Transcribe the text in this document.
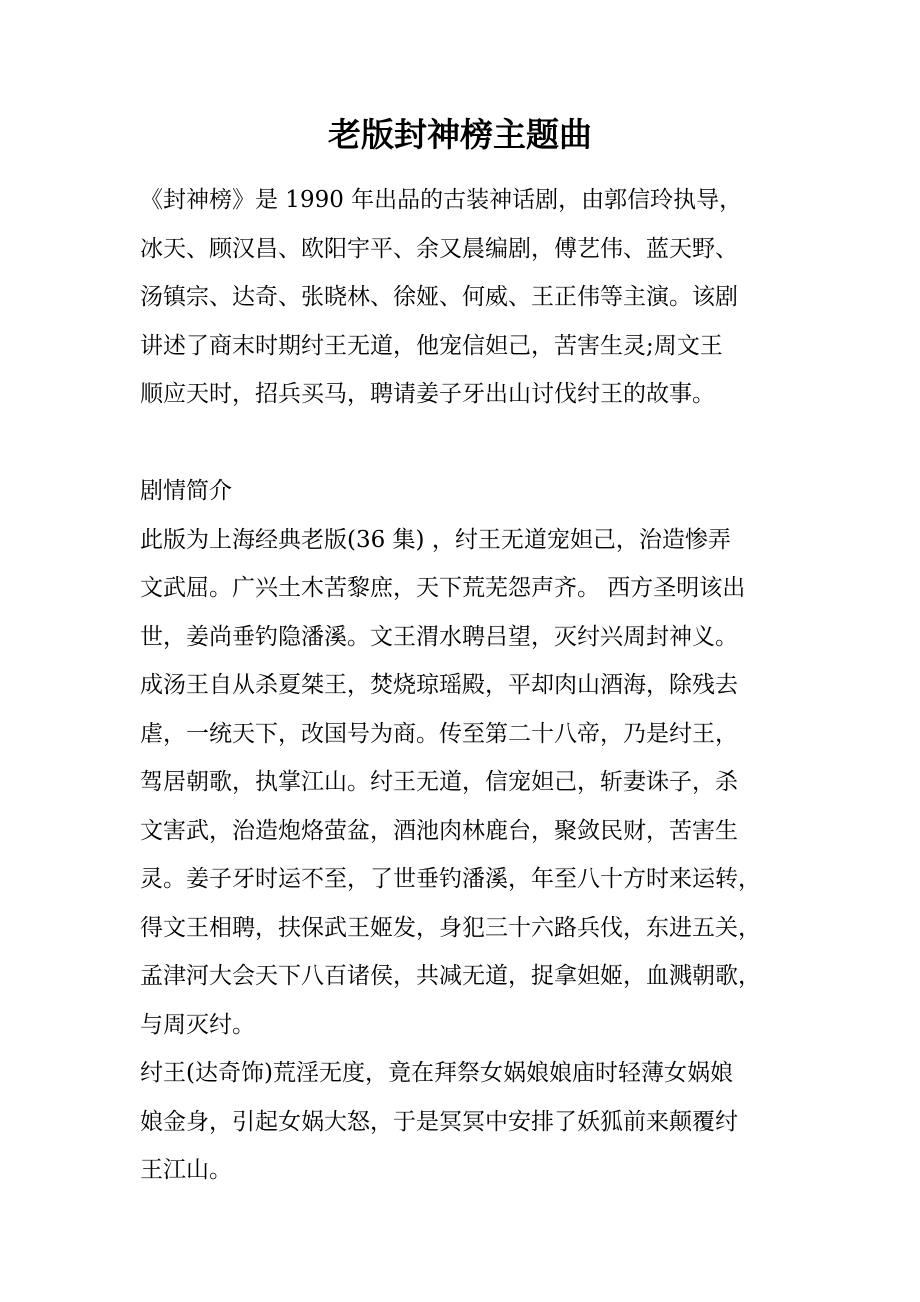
老版封神榜主题曲

《封神榜》是 1990 年出品的古装神话剧，由郭信玲执导，

冰天、顾汉昌、欧阳宇平、余又晨编剧，傅艺伟、蓝天野、

汤镇宗、达奇、张晓林、徐娅、何威、王正伟等主演。该剧

讲述了商末时期纣王无道，他宠信妲己，苦害生灵;周文王

顺应天时，招兵买马，聘请姜子牙出山讨伐纣王的故事。

剧情简介

此版为上海经典老版(36 集) ，纣王无道宠妲己，治造惨弄

文武屈。广兴土木苦黎庶，天下荒芜怨声齐。 西方圣明该出

世，姜尚垂钓隐潘溪。文王渭水聘吕望，灭纣兴周封神义。

成汤王自从杀夏桀王，焚烧琼瑶殿，平却肉山酒海，除残去

虐，一统天下，改国号为商。传至第二十八帝，乃是纣王，

驾居朝歌，执掌江山。纣王无道，信宠妲己，斩妻诛子，杀

文害武，治造炮烙萤盆，酒池肉林鹿台，聚敛民财，苦害生

灵。姜子牙时运不至，了世垂钓潘溪，年至八十方时来运转，

得文王相聘，扶保武王姬发，身犯三十六路兵伐，东进五关，

孟津河大会天下八百诸侯，共减无道，捉拿妲姬，血溅朝歌，

与周灭纣。

纣王(达奇饰)荒淫无度，竟在拜祭女娲娘娘庙时轻薄女娲娘

娘金身，引起女娲大怒，于是冥冥中安排了妖狐前来颠覆纣

王江山。
